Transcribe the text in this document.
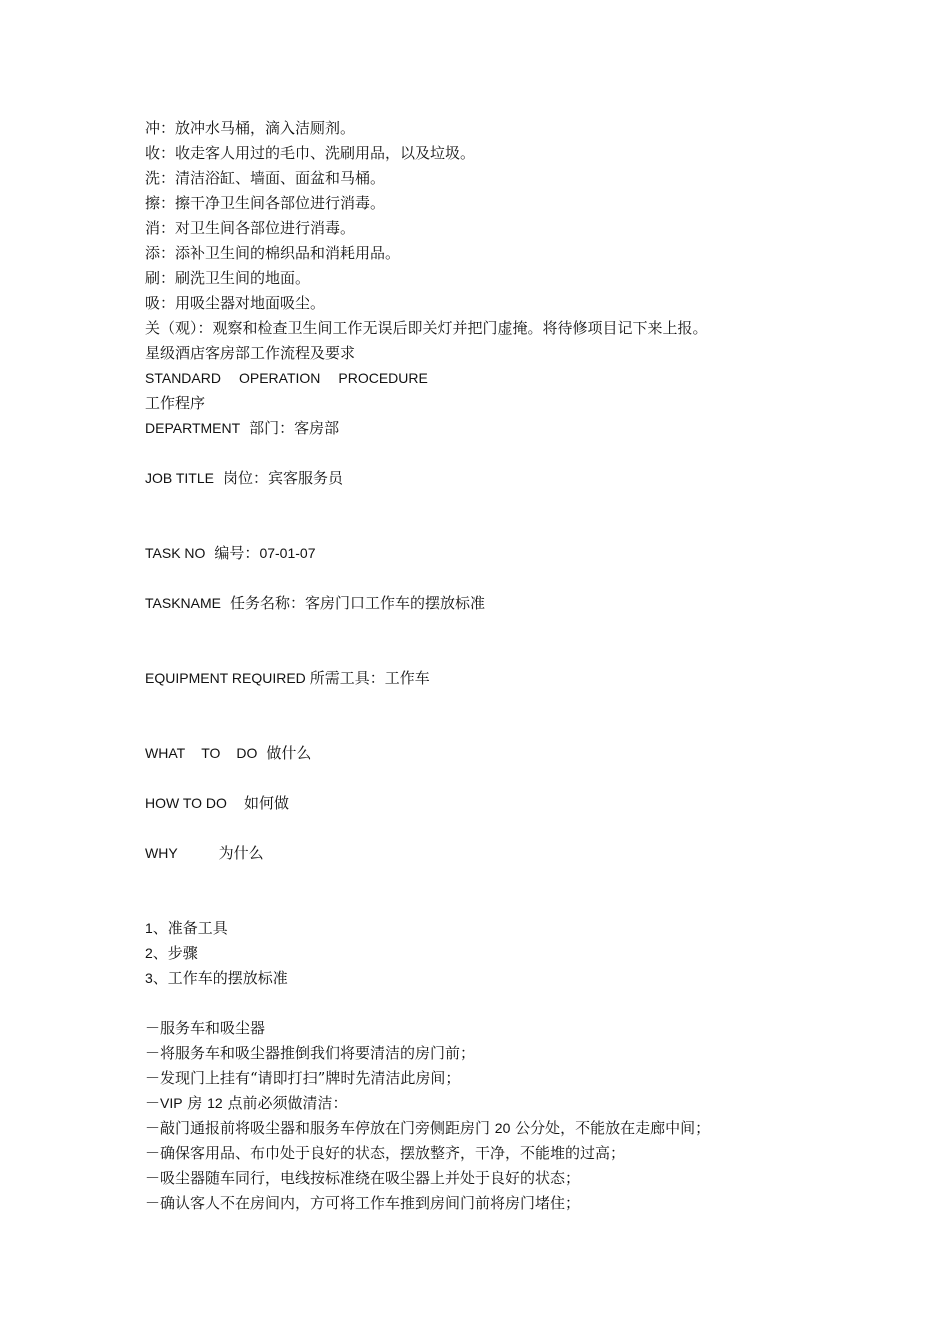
冲：放冲水马桶，滴入洁厕剂。
收：收走客人用过的毛巾、洗刷用品，以及垃圾。
洗：清洁浴缸、墙面、面盆和马桶。
擦：擦干净卫生间各部位进行消毒。
消：对卫生间各部位进行消毒。
添：添补卫生间的棉织品和消耗用品。
刷：刷洗卫生间的地面。
吸：用吸尘器对地面吸尘。
关（观）：观察和检查卫生间工作无误后即关灯并把门虚掩。将待修项目记下来上报。
星级酒店客房部工作流程及要求
STANDARD OPERATION PROCEDURE
工作程序
DEPARTMENT 部门：客房部
JOB TITLE 岗位：宾客服务员
TASK NO 编号：07-01-07
TASKNAME 任务名称：客房门口工作车的摆放标准
EQUIPMENT REQUIRED 所需工具：工作车
WHAT TO DO 做什么
HOW TO DO 如何做
WHY	为什么
1、准备工具
2、步骤
3、工作车的摆放标准
－服务车和吸尘器
－将服务车和吸尘器推倒我们将要清洁的房门前；
－发现门上挂有“请即打扫”牌时先清洁此房间；
－VIP 房 12 点前必须做清洁：
－敲门通报前将吸尘器和服务车停放在门旁侧距房门 20 公分处，不能放在走廊中间；
－确保客用品、布巾处于良好的状态，摆放整齐，干净，不能堆的过高；
－吸尘器随车同行，电线按标准绕在吸尘器上并处于良好的状态；
－确认客人不在房间内，方可将工作车推到房间门前将房门堵住；
